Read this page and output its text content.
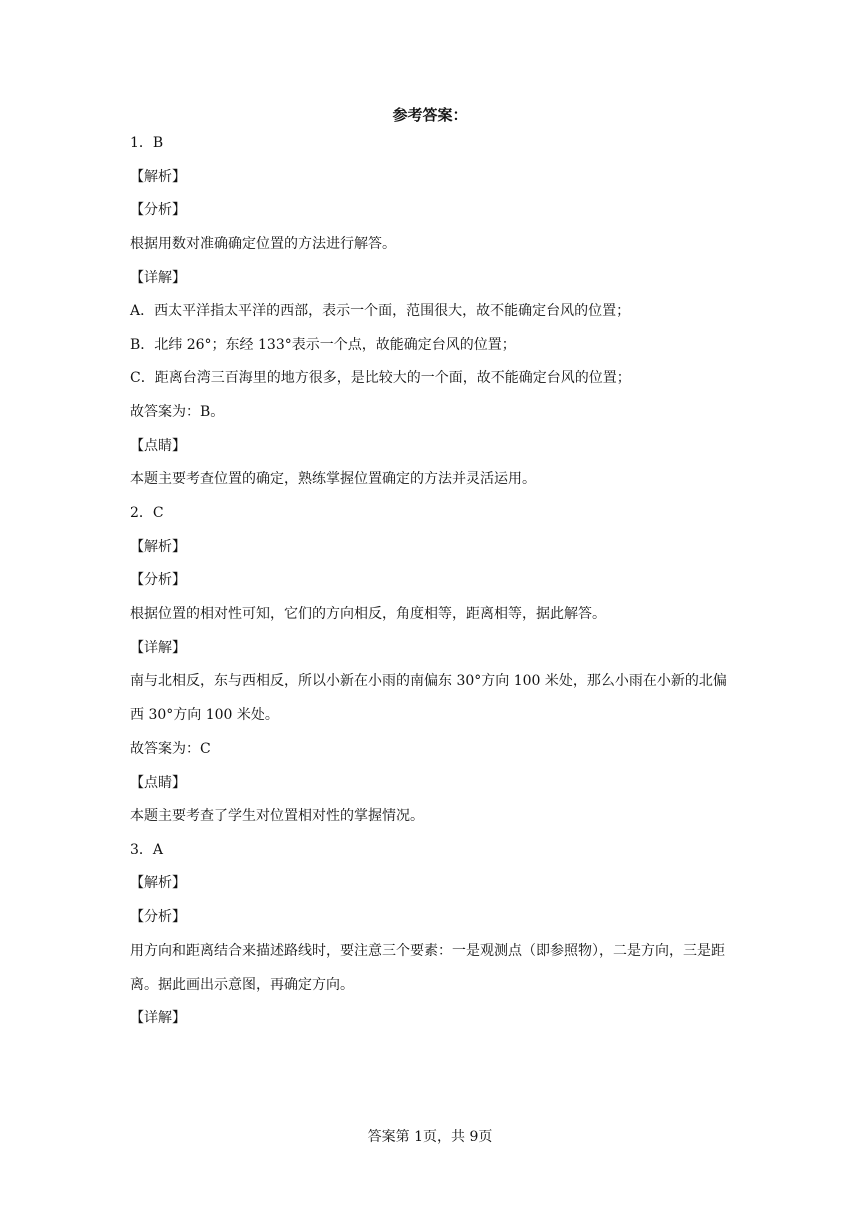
参考答案：
1．B
【解析】
【分析】
根据用数对准确确定位置的方法进行解答。
【详解】
A．西太平洋指太平洋的西部，表示一个面，范围很大，故不能确定台风的位置；
B．北纬 26°；东经 133°表示一个点，故能确定台风的位置；
C．距离台湾三百海里的地方很多，是比较大的一个面，故不能确定台风的位置；
故答案为：B。
【点睛】
本题主要考查位置的确定，熟练掌握位置确定的方法并灵活运用。
2．C
【解析】
【分析】
根据位置的相对性可知，它们的方向相反，角度相等，距离相等，据此解答。
【详解】
南与北相反，东与西相反，所以小新在小雨的南偏东 30°方向 100 米处，那么小雨在小新的北偏西 30°方向 100 米处。
故答案为：C
【点睛】
本题主要考查了学生对位置相对性的掌握情况。
3．A
【解析】
【分析】
用方向和距离结合来描述路线时，要注意三个要素：一是观测点（即参照物），二是方向，三是距离。据此画出示意图，再确定方向。
【详解】
答案第 1页，共 9页
